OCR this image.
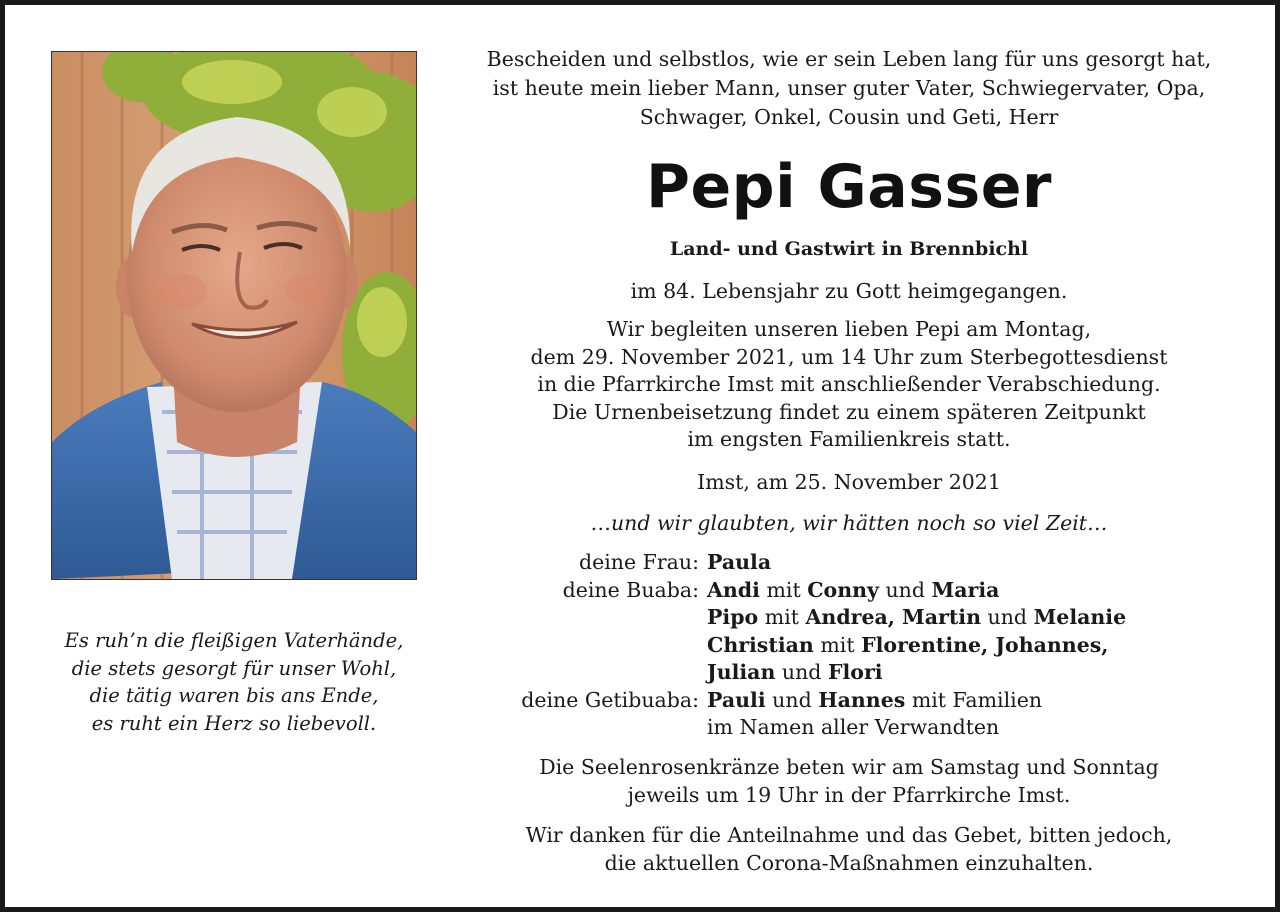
Es ruh’n die fleißigen Vaterhände,
die stets gesorgt für unser Wohl,
die tätig waren bis ans Ende,
es ruht ein Herz so liebevoll.
Bescheiden und selbstlos, wie er sein Leben lang für uns gesorgt hat,
ist heute mein lieber Mann, unser guter Vater, Schwiegervater, Opa,
Schwager, Onkel, Cousin und Geti, Herr
Pepi Gasser
Land- und Gastwirt in Brennbichl
im 84. Lebensjahr zu Gott heimgegangen.
Wir begleiten unseren lieben Pepi am Montag,
dem 29. November 2021, um 14 Uhr zum Sterbegottesdienst
in die Pfarrkirche Imst mit anschließender Verabschiedung.
Die Urnenbeisetzung findet zu einem späteren Zeitpunkt
im engsten Familienkreis statt.
Imst, am 25. November 2021
…und wir glaubten, wir hätten noch so viel Zeit…
deine Frau: Paula
deine Buaba: Andi mit Conny und Maria
Pipo mit Andrea, Martin und Melanie
Christian mit Florentine, Johannes,
Julian und Flori
deine Getibuaba: Pauli und Hannes mit Familien
im Namen aller Verwandten
Die Seelenrosenkränze beten wir am Samstag und Sonntag
jeweils um 19 Uhr in der Pfarrkirche Imst.
Wir danken für die Anteilnahme und das Gebet, bitten jedoch,
die aktuellen Corona-Maßnahmen einzuhalten.
